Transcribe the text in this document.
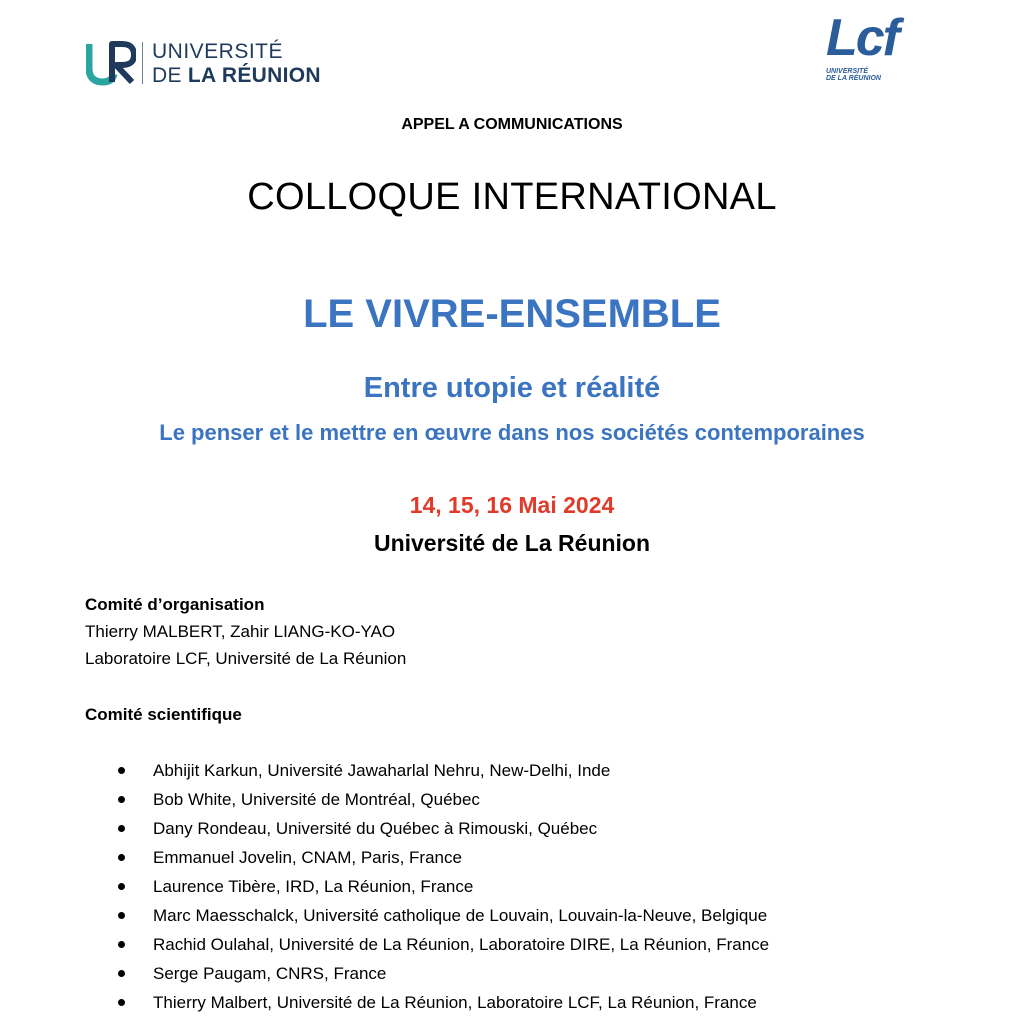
UNIVERSITÉ
DE LA RÉUNION
Lcf
UNIVERSITÉ
DE LA RÉUNION
APPEL A COMMUNICATIONS
COLLOQUE INTERNATIONAL
LE VIVRE-ENSEMBLE
Entre utopie et réalité
Le penser et le mettre en œuvre dans nos sociétés contemporaines
14, 15, 16 Mai 2024
Université de La Réunion
Comité d’organisation
Thierry MALBERT, Zahir LIANG-KO-YAO
Laboratoire LCF, Université de La Réunion
Comité scientifique
Abhijit Karkun, Université Jawaharlal Nehru, New-Delhi, Inde
Bob White, Université de Montréal, Québec
Dany Rondeau, Université du Québec à Rimouski, Québec
Emmanuel Jovelin, CNAM, Paris, France
Laurence Tibère, IRD, La Réunion, France
Marc Maesschalck, Université catholique de Louvain, Louvain-la-Neuve, Belgique
Rachid Oulahal, Université de La Réunion, Laboratoire DIRE, La Réunion, France
Serge Paugam, CNRS, France
Thierry Malbert, Université de La Réunion, Laboratoire LCF, La Réunion, France
